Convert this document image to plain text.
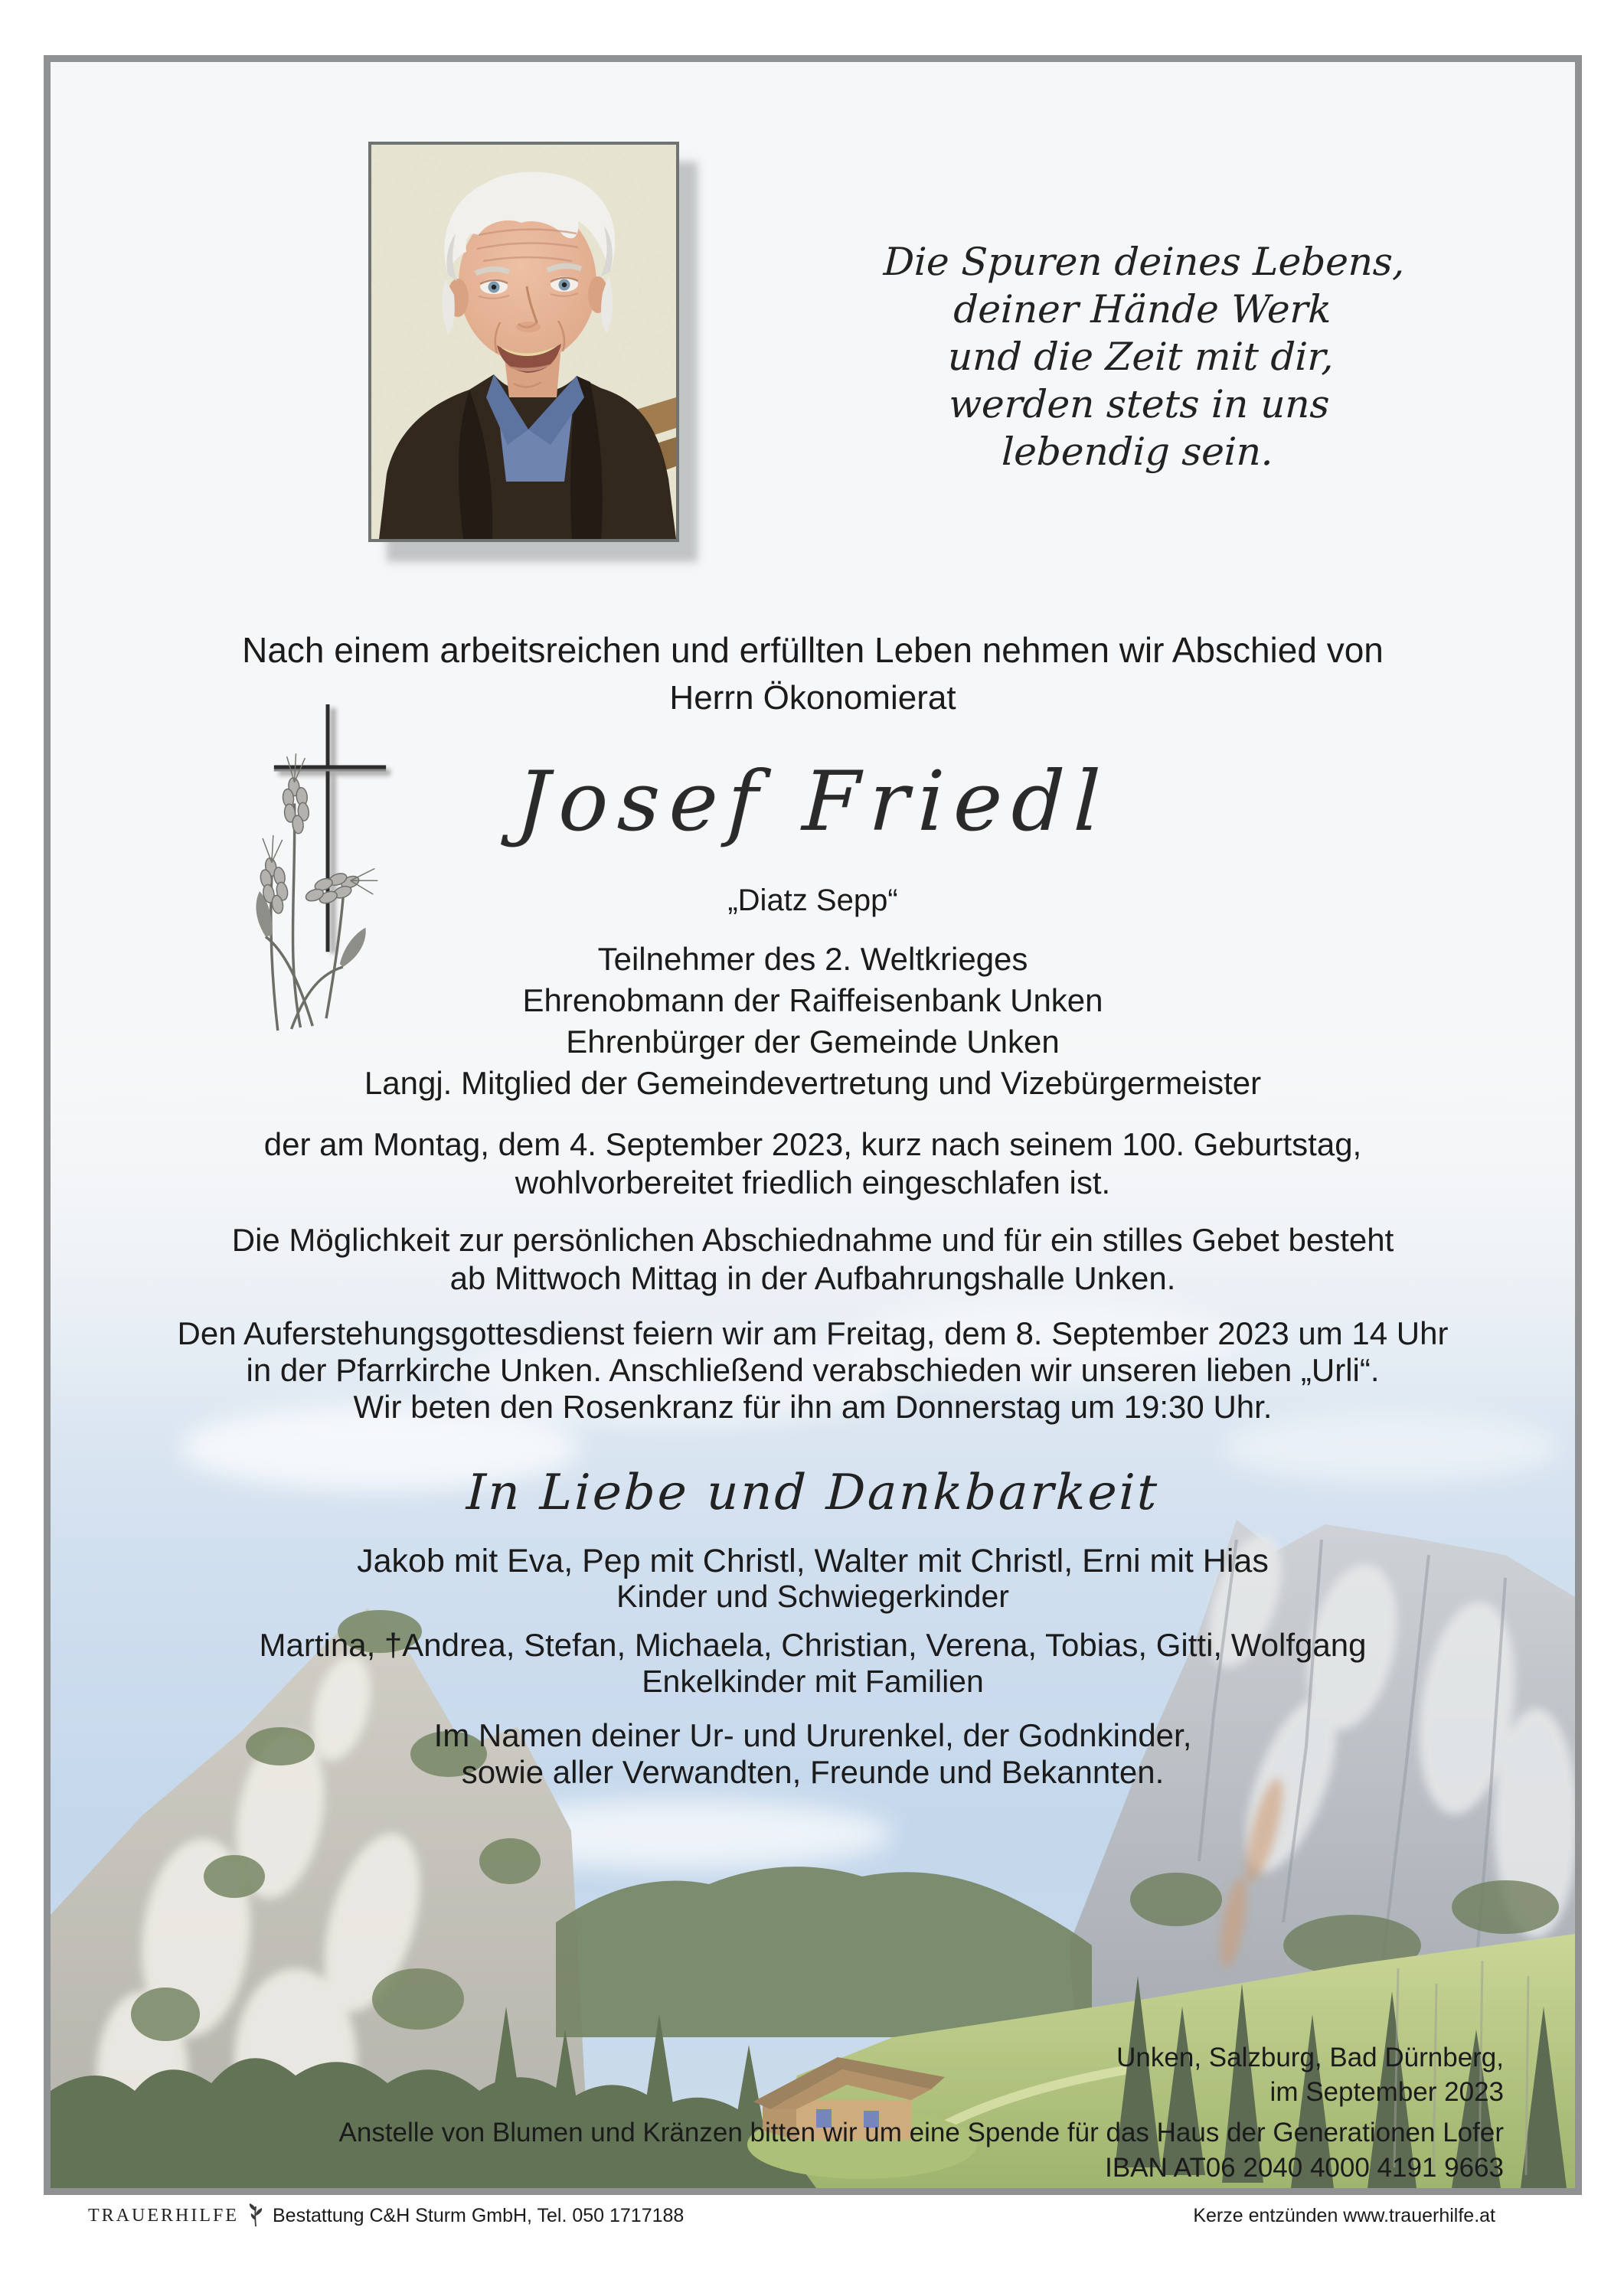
Die Spuren deines Lebens,
deiner Hände Werk
und die Zeit mit dir,
werden stets in uns
lebendig sein.
Nach einem arbeitsreichen und erfüllten Leben nehmen wir Abschied von
Herrn Ökonomierat
Josef Friedl
„Diatz Sepp“
Teilnehmer des 2. Weltkrieges
Ehrenobmann der Raiffeisenbank Unken
Ehrenbürger der Gemeinde Unken
Langj. Mitglied der Gemeindevertretung und Vizebürgermeister
der am Montag, dem 4. September 2023, kurz nach seinem 100. Geburtstag,
wohlvorbereitet friedlich eingeschlafen ist.
Die Möglichkeit zur persönlichen Abschiednahme und für ein stilles Gebet besteht
ab Mittwoch Mittag in der Aufbahrungshalle Unken.
Den Auferstehungsgottesdienst feiern wir am Freitag, dem 8. September 2023 um 14 Uhr
in der Pfarrkirche Unken. Anschließend verabschieden wir unseren lieben „Urli“.
Wir beten den Rosenkranz für ihn am Donnerstag um 19:30 Uhr.
In Liebe und Dankbarkeit
Jakob mit Eva, Pep mit Christl, Walter mit Christl, Erni mit Hias
Kinder und Schwiegerkinder
Martina, †Andrea, Stefan, Michaela, Christian, Verena, Tobias, Gitti, Wolfgang
Enkelkinder mit Familien
Im Namen deiner Ur- und Ururenkel, der Godnkinder,
sowie aller Verwandten, Freunde und Bekannten.
Unken, Salzburg, Bad Dürnberg,
im September 2023
Anstelle von Blumen und Kränzen bitten wir um eine Spende für das Haus der Generationen Lofer
IBAN AT06 2040 4000 4191 9663
TRAUERHILFE Bestattung C&H Sturm GmbH, Tel. 050 1717188	Kerze entzünden www.trauerhilfe.at
